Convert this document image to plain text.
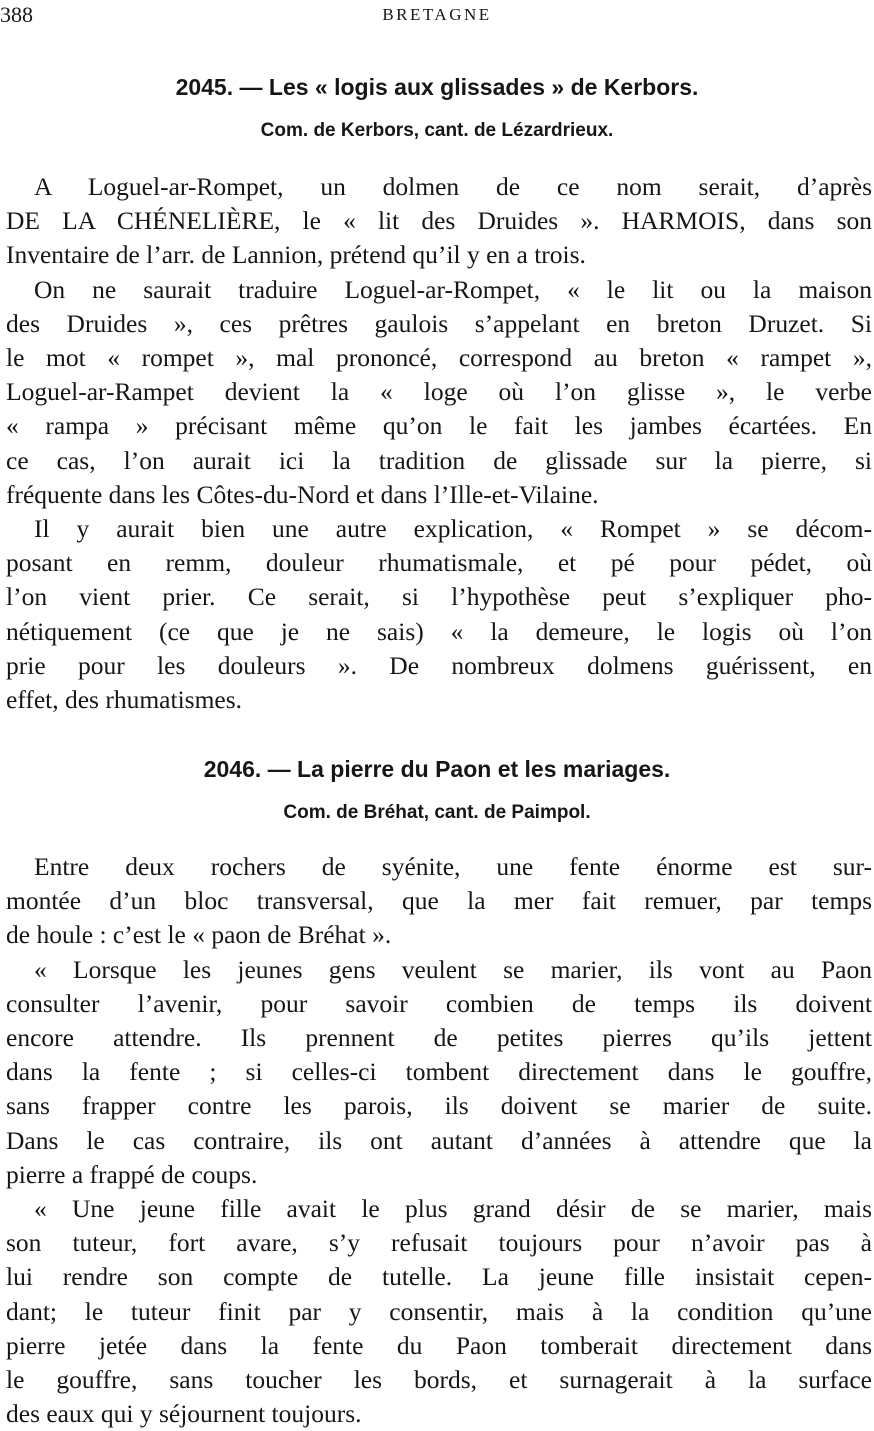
388	BRETAGNE
2045. — Les « logis aux glissades » de Kerbors.
Com. de Kerbors, cant. de Lézardrieux.

A Loguel-ar-Rompet, un dolmen de ce nom serait, d’après
DE LA CHÉNELIÈRE, le « lit des Druides ». HARMOIS, dans son
Inventaire de l’arr. de Lannion, prétend qu’il y en a trois.

On ne saurait traduire Loguel-ar-Rompet, « le lit ou la maison
des Druides », ces prêtres gaulois s’appelant en breton Druzet. Si
le mot « rompet », mal prononcé, correspond au breton « rampet »,
Loguel-ar-Rampet devient la « loge où l’on glisse », le verbe
« rampa » précisant même qu’on le fait les jambes écartées. En
ce cas, l’on aurait ici la tradition de glissade sur la pierre, si
fréquente dans les Côtes-du-Nord et dans l’Ille-et-Vilaine.

Il y aurait bien une autre explication, « Rompet » se décom-
posant en remm, douleur rhumatismale, et pé pour pédet, où
l’on vient prier. Ce serait, si l’hypothèse peut s’expliquer pho-
nétiquement (ce que je ne sais) « la demeure, le logis où l’on
prie pour les douleurs ». De nombreux dolmens guérissent, en
effet, des rhumatismes.

2046. — La pierre du Paon et les mariages.
Com. de Bréhat, cant. de Paimpol.

Entre deux rochers de syénite, une fente énorme est sur-
montée d’un bloc transversal, que la mer fait remuer, par temps
de houle : c’est le « paon de Bréhat ».

« Lorsque les jeunes gens veulent se marier, ils vont au Paon
consulter l’avenir, pour savoir combien de temps ils doivent
encore attendre. Ils prennent de petites pierres qu’ils jettent
dans la fente ; si celles-ci tombent directement dans le gouffre,
sans frapper contre les parois, ils doivent se marier de suite.
Dans le cas contraire, ils ont autant d’années à attendre que la
pierre a frappé de coups.

« Une jeune fille avait le plus grand désir de se marier, mais
son tuteur, fort avare, s’y refusait toujours pour n’avoir pas à
lui rendre son compte de tutelle. La jeune fille insistait cepen-
dant; le tuteur finit par y consentir, mais à la condition qu’une
pierre jetée dans la fente du Paon tomberait directement dans
le gouffre, sans toucher les bords, et surnagerait à la surface
des eaux qui y séjournent toujours.
